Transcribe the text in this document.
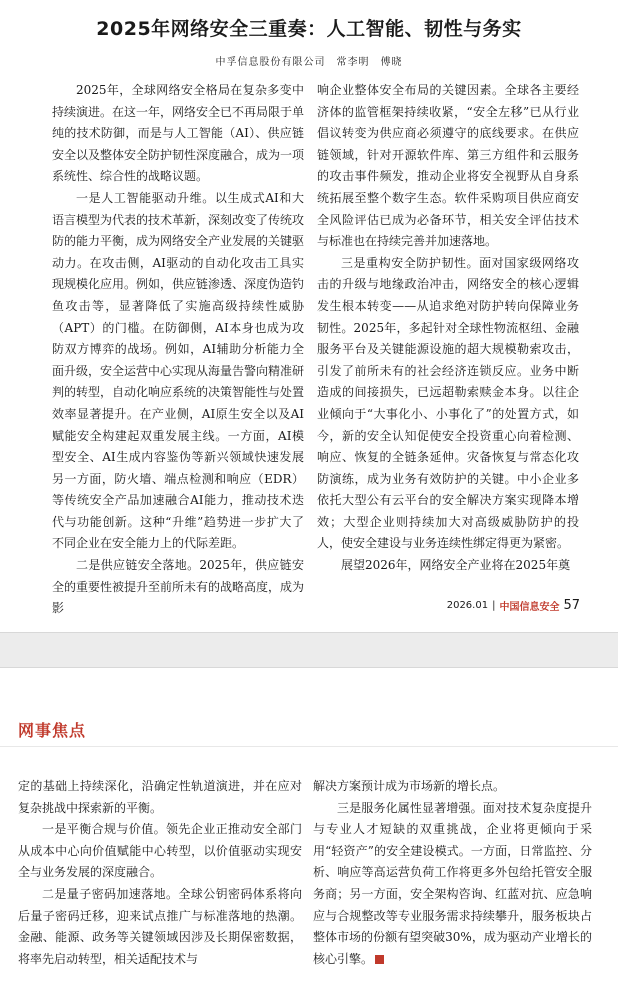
2025年网络安全三重奏：人工智能、韧性与务实
中孚信息股份有限公司　常李明　傅晓

2025年，全球网络安全格局在复杂多变中持续演进。在这一年，网络安全已不再局限于单纯的技术防御，而是与人工智能（AI）、供应链安全以及整体安全防护韧性深度融合，成为一项系统性、综合性的战略议题。

一是人工智能驱动升维。以生成式AI和大语言模型为代表的技术革新，深刻改变了传统攻防的能力平衡，成为网络安全产业发展的关键驱动力。在攻击侧，AI驱动的自动化攻击工具实现规模化应用。例如，供应链渗透、深度伪造钓鱼攻击等，显著降低了实施高级持续性威胁（APT）的门槛。在防御侧，AI本身也成为攻防双方博弈的战场。例如，AI辅助分析能力全面升级，安全运营中心实现从海量告警向精准研判的转型，自动化响应系统的决策智能性与处置效率显著提升。在产业侧，AI原生安全以及AI赋能安全构建起双重发展主线。一方面，AI模型安全、AI生成内容鉴伪等新兴领域快速发展另一方面，防火墙、端点检测和响应（EDR）等传统安全产品加速融合AI能力，推动技术迭代与功能创新。这种“升维”趋势进一步扩大了不同企业在安全能力上的代际差距。

二是供应链安全落地。2025年，供应链安全的重要性被提升至前所未有的战略高度，成为影

响企业整体安全布局的关键因素。全球各主要经济体的监管框架持续收紧，“安全左移”已从行业倡议转变为供应商必须遵守的底线要求。在供应链领域，针对开源软件库、第三方组件和云服务的攻击事件频发，推动企业将安全视野从自身系统拓展至整个数字生态。软件采购项目供应商安全风险评估已成为必备环节，相关安全评估技术与标准也在持续完善并加速落地。

三是重构安全防护韧性。面对国家级网络攻击的升级与地缘政治冲击，网络安全的核心逻辑发生根本转变——从追求绝对防护转向保障业务韧性。2025年，多起针对全球性物流枢纽、金融服务平台及关键能源设施的超大规模勒索攻击，引发了前所未有的社会经济连锁反应。业务中断造成的间接损失，已远超勒索赎金本身。以往企业倾向于“大事化小、小事化了”的处置方式，如今，新的安全认知促使安全投资重心向着检测、响应、恢复的全链条延伸。灾备恢复与常态化攻防演练，成为业务有效防护的关键。中小企业多依托大型公有云平台的安全解决方案实现降本增效；大型企业则持续加大对高级威胁防护的投人，使安全建设与业务连续性绑定得更为紧密。

展望2026年，网络安全产业将在2025年奠

2026.01 | 中国信息安全 57
网事焦点

定的基础上持续深化，沿确定性轨道演进，并在应对复杂挑战中探索新的平衡。

一是平衡合规与价值。领先企业正推动安全部门从成本中心向价值赋能中心转型，以价值驱动实现安全与业务发展的深度融合。

二是量子密码加速落地。全球公钥密码体系将向后量子密码迁移，迎来试点推广与标准落地的热潮。金融、能源、政务等关键领域因涉及长期保密数据，将率先启动转型，相关适配技术与

解决方案预计成为市场新的增长点。

三是服务化属性显著增强。面对技术复杂度提升与专业人才短缺的双重挑战，企业将更倾向于采用“轻资产”的安全建设模式。一方面，日常监控、分析、响应等高运营负荷工作将更多外包给托管安全服务商；另一方面，安全架构咨询、红蓝对抗、应急响应与合规整改等专业服务需求持续攀升，服务板块占整体市场的份额有望突破30%，成为驱动产业增长的核心引擎。	●
